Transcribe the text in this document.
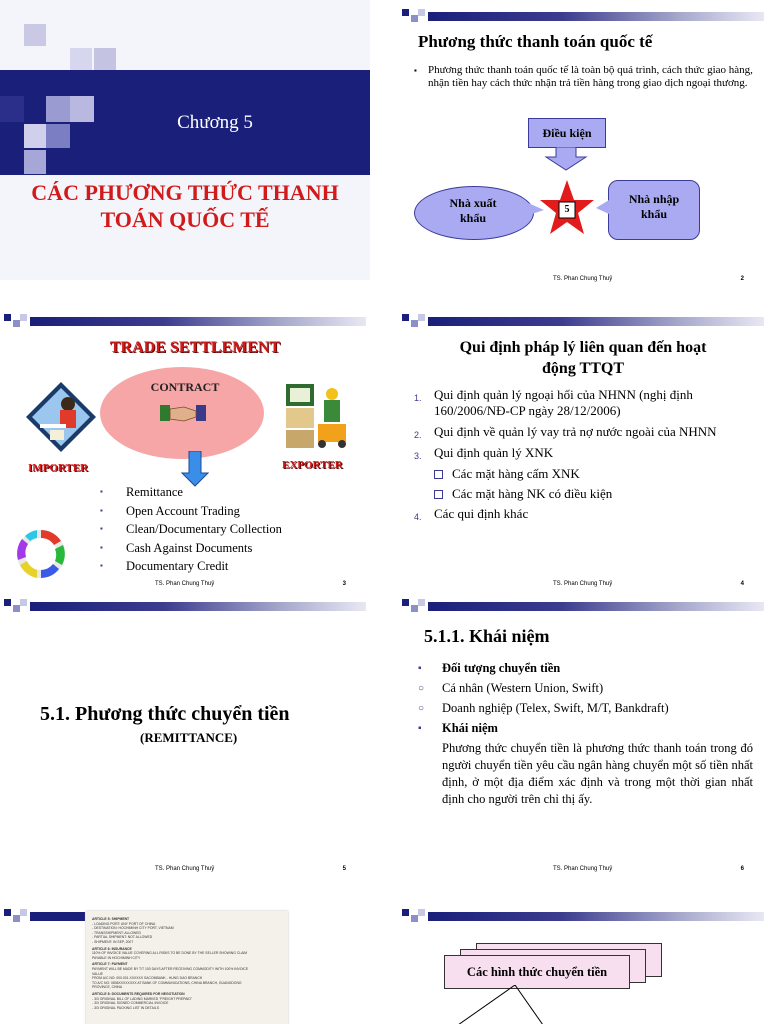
Chương 5
CÁC PHƯƠNG THỨC THANH
TOÁN QUỐC TẾ
Phương thức thanh toán quốc tế
▪	Phương thức thanh toán quốc tế là toàn bộ quá trình, cách thức giao hàng, nhận tiền hay cách thức nhận trả tiền hàng trong giao dịch ngoại thương.
Điều kiện
Nhà xuất
khẩu
5
Nhà nhập
khẩu
TS. Phan Chung Thuỷ	2
TRADE SETTLEMENT
CONTRACT
IMPORTER	EXPORTER
▪ Remittance
▪ Open Account Trading
▪ Clean/Documentary Collection
▪ Cash Against Documents
▪ Documentary Credit
TS. Phan Chung Thuỷ	3
Qui định pháp lý liên quan đến hoạt
động TTQT
1. Qui định quản lý ngoại hối của NHNN (nghị định 160/2006/NĐ-CP ngày 28/12/2006)
2. Qui định về quản lý vay trả nợ nước ngoài của NHNN
3. Qui định quản lý XNK
Các mặt hàng cấm XNK
Các mặt hàng NK có điều kiện
4. Các qui định khác
TS. Phan Chung Thuỷ	4
5.1. Phương thức chuyển tiền
(REMITTANCE)
TS. Phan Chung Thuỷ	5
5.1.1. Khái niệm
▪ Đối tượng chuyển tiền
○ Cá nhân (Western Union, Swift)
○ Doanh nghiệp (Telex, Swift, M/T, Bankdraft)
▪ Khái niệm
Phương thức chuyển tiền là phương thức thanh toán trong đó người chuyển tiền yêu cầu ngân hàng chuyển một số tiền nhất định, ở một địa điểm xác định và trong một thời gian nhất định cho người trên chỉ thị ấy.
TS. Phan Chung Thuỷ	6
ARTICLE 5: SHIPMENT
- LOADING PORT: ANY PORT OF CHINA
- DESTINATION: HOCHIMINH CITY PORT, VIETNAM
- TRANSSHIPMENT: ALLOWED
- PARTIAL SHIPMENT: NOT ALLOWED
- SHIPMENT: IN SEP, 2007
ARTICLE 6: INSURANCE
110% OF INVOICE VALUE COVERING ALL RISKS TO BE DONE BY THE SELLER SHOWING CLAIM
PAYABLE IN HOCHIMINH CITY
ARTICLE 7: PAYMENT
PAYMENT WILL BE MADE BY T/T 100 DAYS AFTER RECEIVING COMMODITY WITH 100% INVOICE
VALUE
FROM A/C NO: 000.001.XXXXXX SACOMBANK - HUNG DAO BRANCH
TO A/C NO: 0836XXXXXXXX AT BANK OF COMMUNICATIONS, CHINA BRANCH, GUANGDONG
PROVINCE, CHINA
ARTICLE 8: DOCUMENTS REQUIRED FOR NEGOTIATION
- 3/3 ORIGINAL BILL OF LADING MARKED "FREIGHT PREPAID"
- 3/3 ORIGINAL SIGNED COMMERCIAL INVOICE
- 3/3 ORIGINAL PACKING LIST IN DETAILS
Các hình thức chuyển tiền
